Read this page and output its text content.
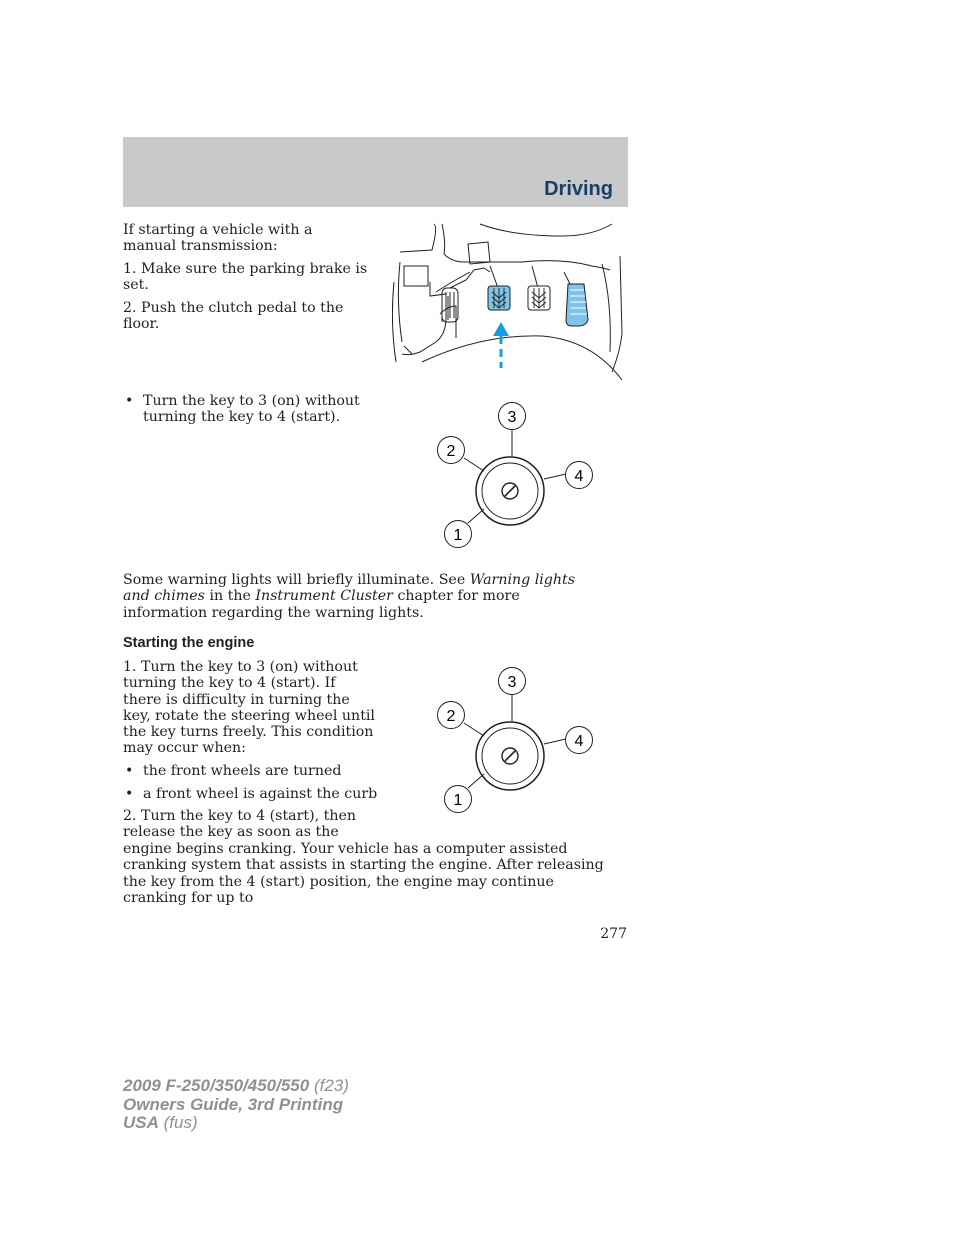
Driving

If starting a vehicle with a manual transmission:

1. Make sure the parking brake is set.

2. Push the clutch pedal to the floor.

• Turn the key to 3 (on) without
turning the key to 4 (start).	3
2
4
1

Some warning lights will briefly illuminate. See Warning lights and chimes in the Instrument Cluster chapter for more information regarding the warning lights.

Starting the engine

1. Turn the key to 3 (on) without turning the key to 4 (start). If there is difficulty in turning the key, rotate the steering wheel until the key turns freely. This condition may occur when:

• the front wheels are turned
• a front wheel is against the curb

2. Turn the key to 4 (start), then release the key as soon as the

engine begins cranking. Your vehicle has a computer assisted cranking system that assists in starting the engine. After releasing the key from the 4 (start) position, the engine may continue cranking for up to

3
2
4
1
277
2009 F-250/350/450/550 (f23)
Owners Guide, 3rd Printing
USA (fus)
